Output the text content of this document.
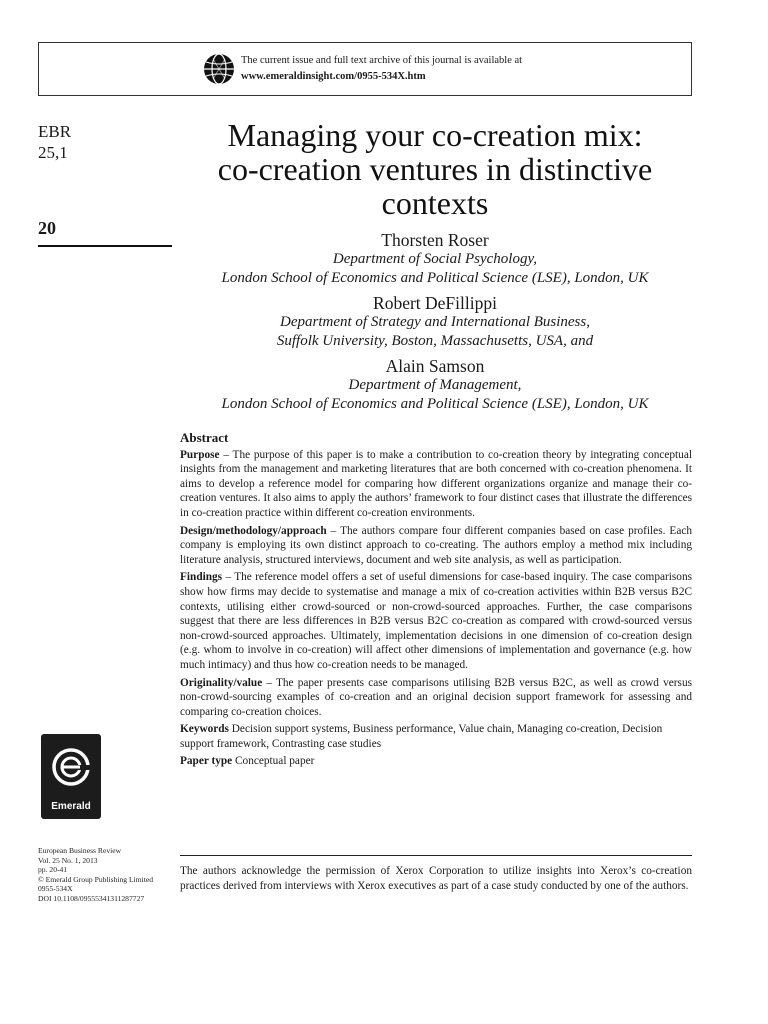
The current issue and full text archive of this journal is available at
www.emeraldinsight.com/0955-534X.htm
EBR
25,1
20
Managing your co-creation mix:
co-creation ventures in distinctive
contexts
Thorsten Roser
Department of Social Psychology,
London School of Economics and Political Science (LSE), London, UK
Robert DeFillippi
Department of Strategy and International Business,
Suffolk University, Boston, Massachusetts, USA, and
Alain Samson
Department of Management,
London School of Economics and Political Science (LSE), London, UK
Abstract

Purpose – The purpose of this paper is to make a contribution to co-creation theory by integrating conceptual insights from the management and marketing literatures that are both concerned with co-creation phenomena. It aims to develop a reference model for comparing how different organizations organize and manage their co-creation ventures. It also aims to apply the authors’ framework to four distinct cases that illustrate the differences in co-creation practice within different co-creation environments.

Design/methodology/approach – The authors compare four different companies based on case profiles. Each company is employing its own distinct approach to co-creating. The authors employ a method mix including literature analysis, structured interviews, document and web site analysis, as well as participation.

Findings – The reference model offers a set of useful dimensions for case-based inquiry. The case comparisons show how firms may decide to systematise and manage a mix of co-creation activities within B2B versus B2C contexts, utilising either crowd-sourced or non-crowd-sourced approaches. Further, the case comparisons suggest that there are less differences in B2B versus B2C co-creation as compared with crowd-sourced versus non-crowd-sourced approaches. Ultimately, implementation decisions in one dimension of co-creation design (e.g. whom to involve in co-creation) will affect other dimensions of implementation and governance (e.g. how much intimacy) and thus how co-creation needs to be managed.

Originality/value – The paper presents case comparisons utilising B2B versus B2C, as well as crowd versus non-crowd-sourcing examples of co-creation and an original decision support framework for assessing and comparing co-creation choices.

Keywords Decision support systems, Business performance, Value chain, Managing co-creation, Decision support framework, Contrasting case studies

Paper type Conceptual paper

Emerald
European Business Review
Vol. 25 No. 1, 2013
pp. 20-41
© Emerald Group Publishing Limited
0955-534X
DOI 10.1108/09555341311287727
The authors acknowledge the permission of Xerox Corporation to utilize insights into Xerox’s co-creation practices derived from interviews with Xerox executives as part of a case study conducted by one of the authors.
